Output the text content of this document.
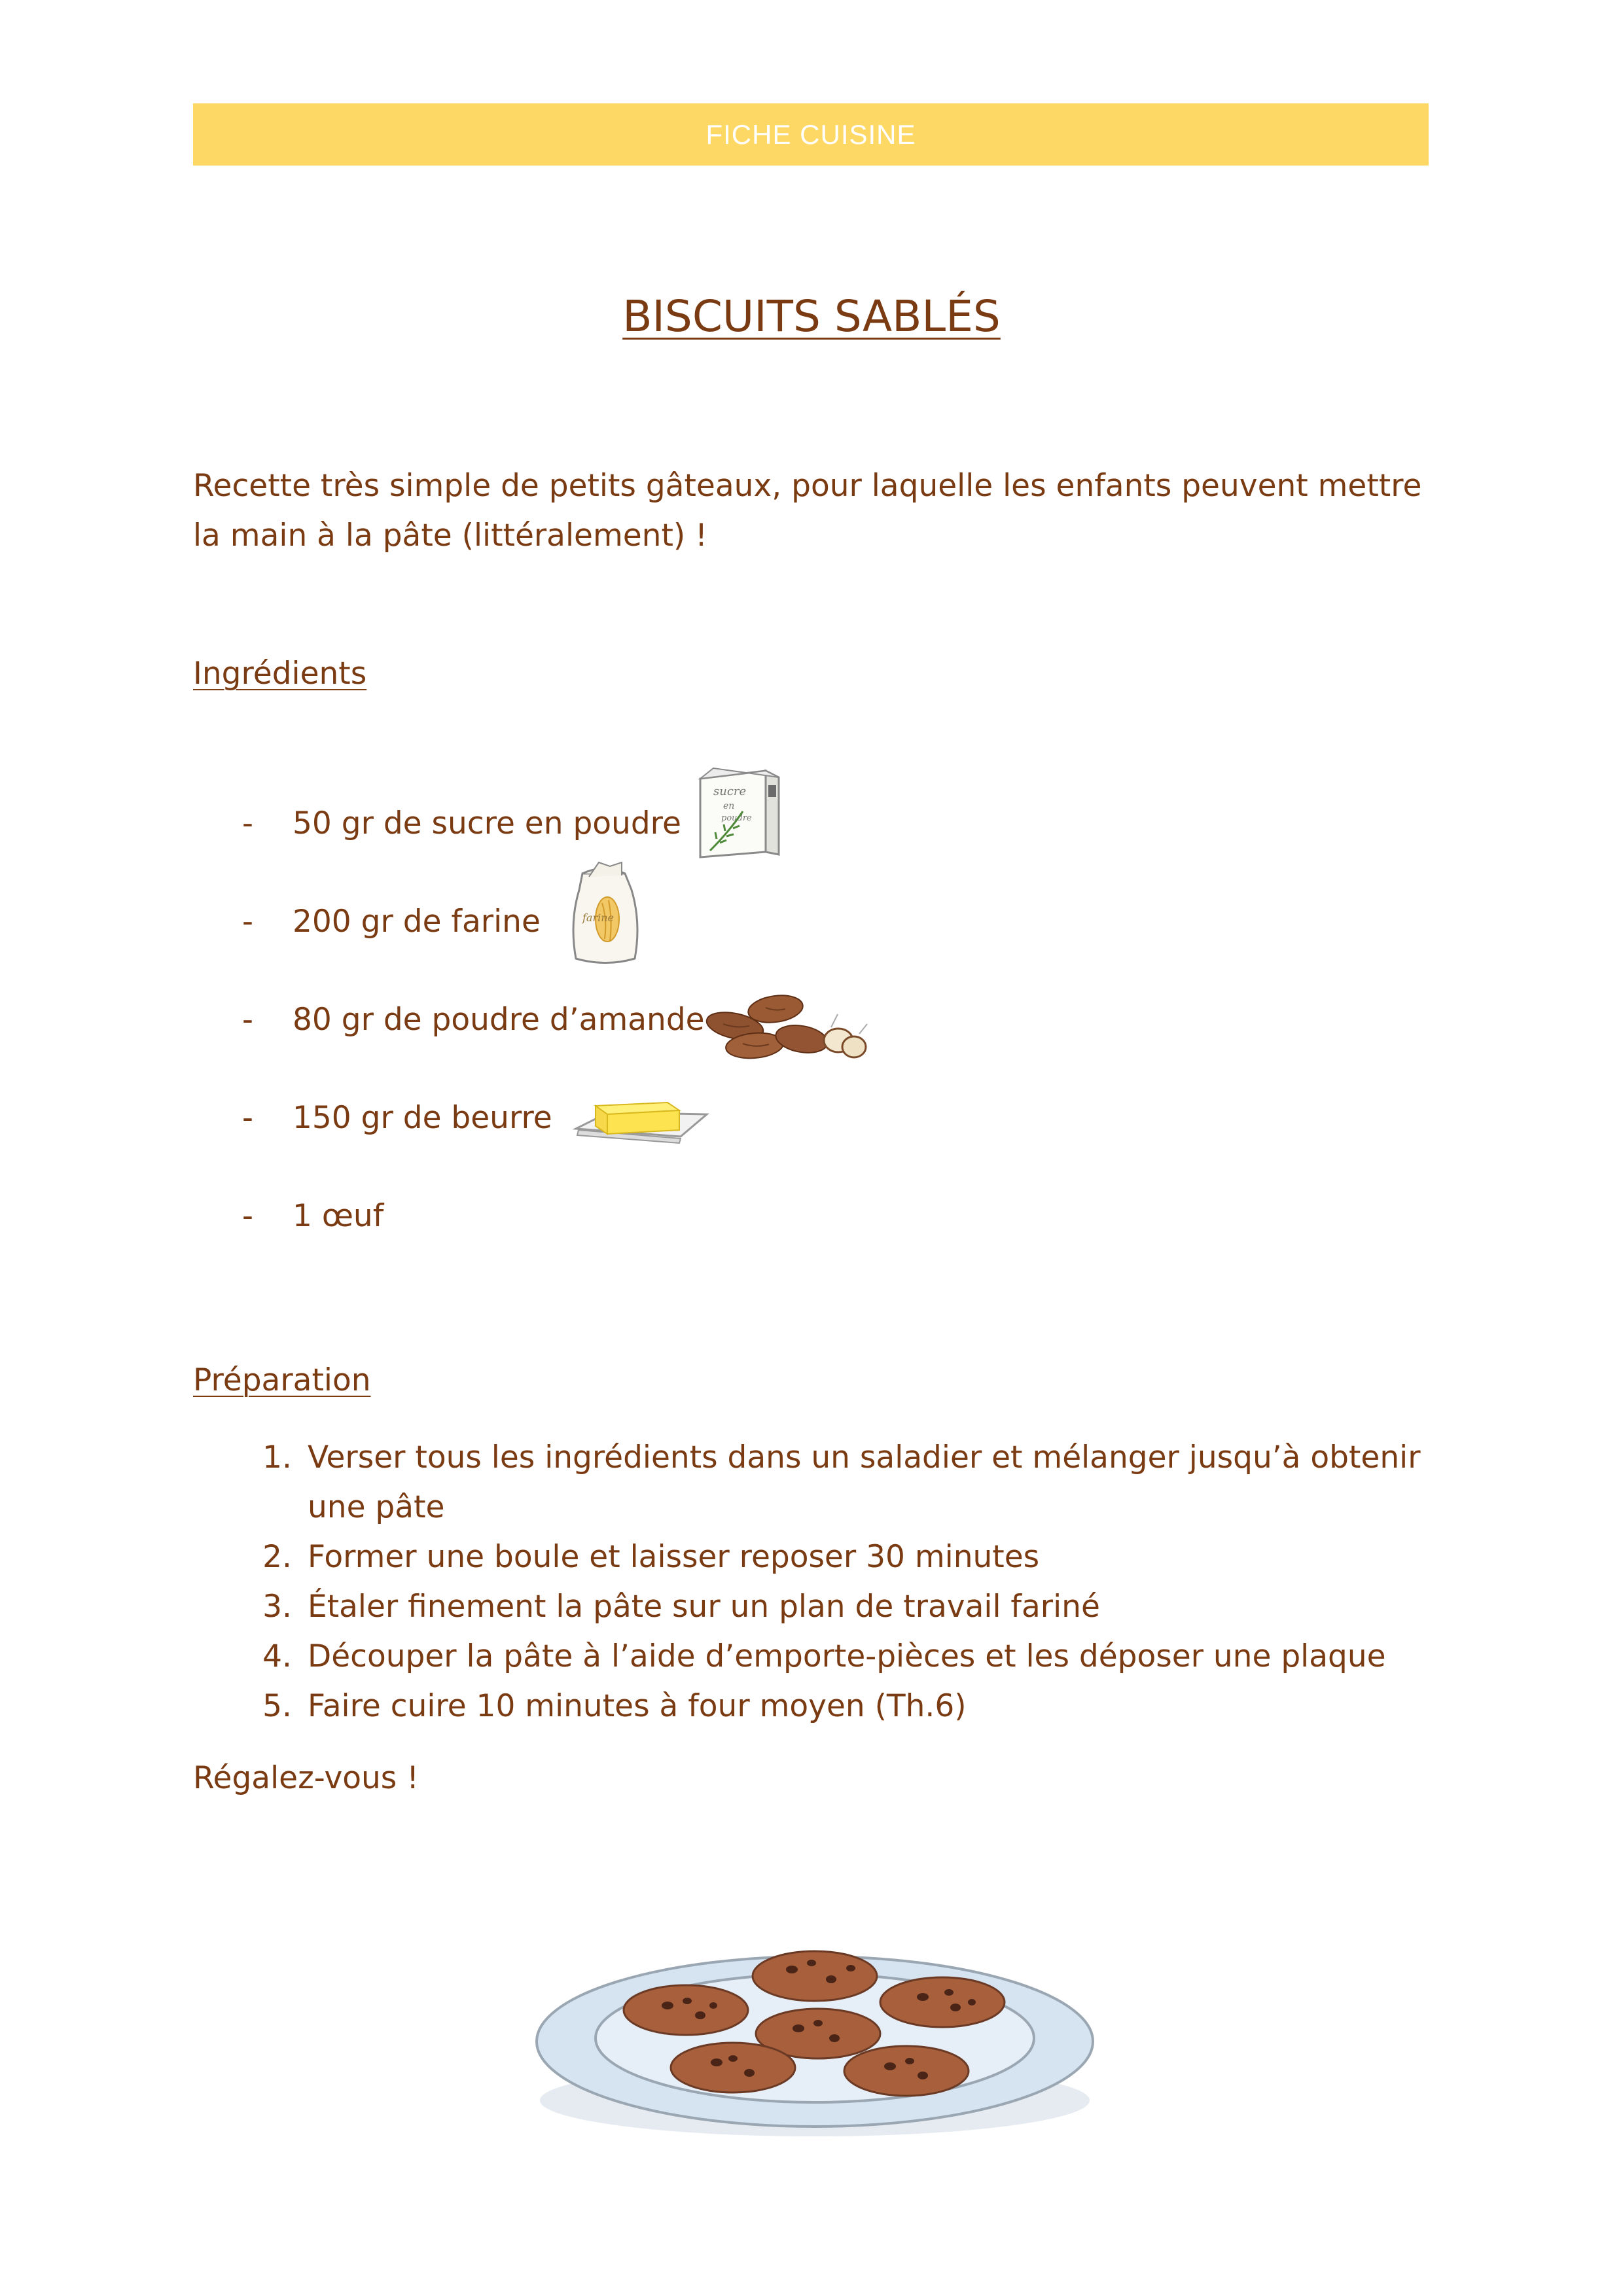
FICHE CUISINE
BISCUITS SABLÉS
Recette très simple de petits gâteaux, pour laquelle les enfants peuvent mettre la main à la pâte (littéralement) !
Ingrédients
-	50 gr de sucre en poudre
-	200 gr de farine
-	80 gr de poudre d’amande
-	150 gr de beurre
-	1 œuf
sucre
en
poudre
farine
Préparation
1. Verser tous les ingrédients dans un saladier et mélanger jusqu’à obtenir une pâte
2. Former une boule et laisser reposer 30 minutes
3. Étaler finement la pâte sur un plan de travail fariné
4. Découper la pâte à l’aide d’emporte-pièces et les déposer une plaque
5. Faire cuire 10 minutes à four moyen (Th.6)
Régalez-vous !
